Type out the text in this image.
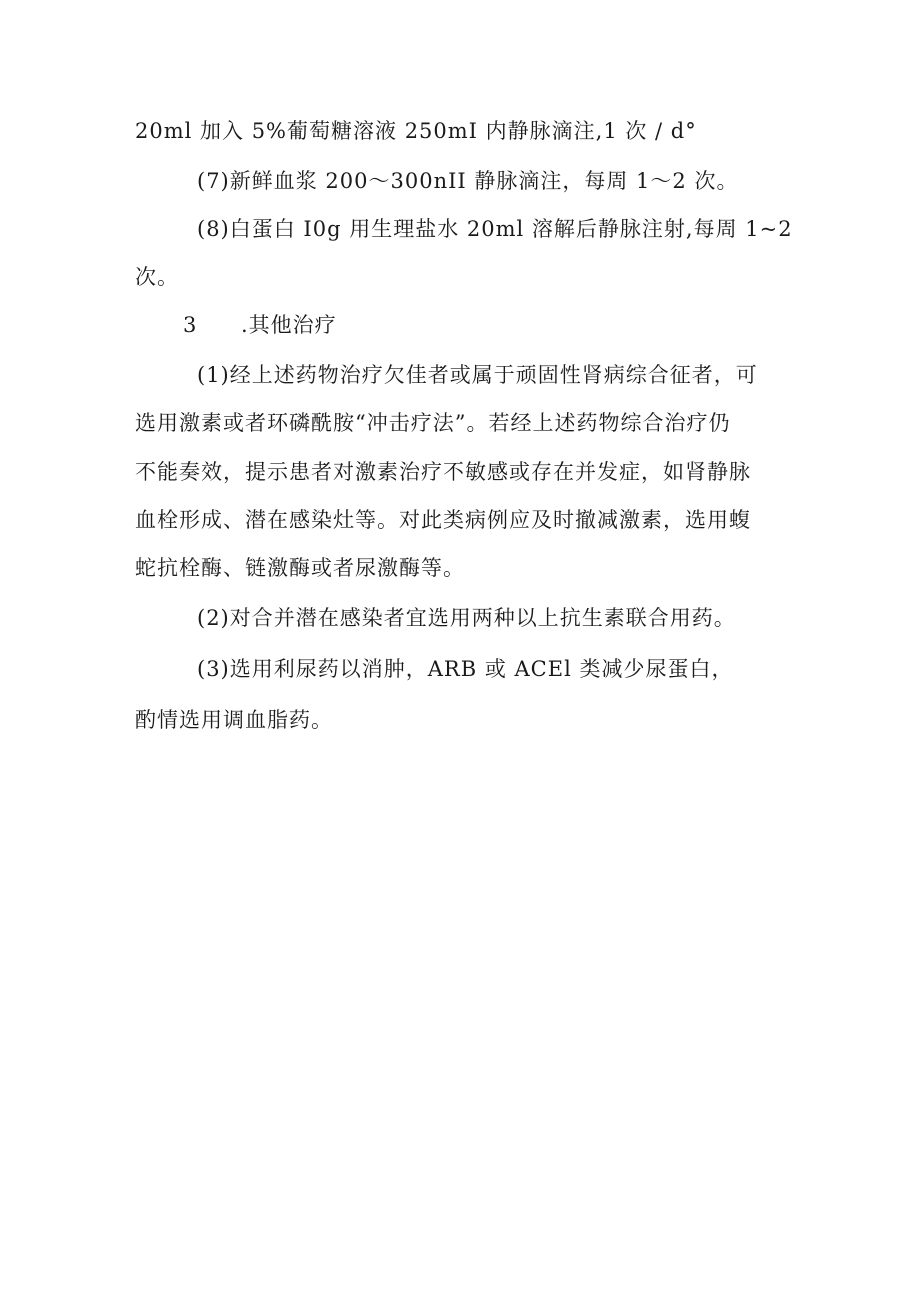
20ml 加入 5%葡萄糖溶液 250mI 内静脉滴注,1 次 / d°
(7)新鲜血浆 200～300nII 静脉滴注，每周 1～2 次。
(8)白蛋白 I0g 用生理盐水 20ml 溶解后静脉注射,每周 1~2
次。
3 .其他治疗
(1)经上述药物治疗欠佳者或属于顽固性肾病综合征者，可
选用激素或者环磷酰胺“冲击疗法”。若经上述药物综合治疗仍
不能奏效，提示患者对激素治疗不敏感或存在并发症，如肾静脉
血栓形成、潜在感染灶等。对此类病例应及时撤减激素，选用蝮
蛇抗栓酶、链激酶或者尿激酶等。
(2)对合并潜在感染者宜选用两种以上抗生素联合用药。
(3)选用利尿药以消肿，ARB 或 ACEl 类减少尿蛋白，
酌情选用调血脂药。
